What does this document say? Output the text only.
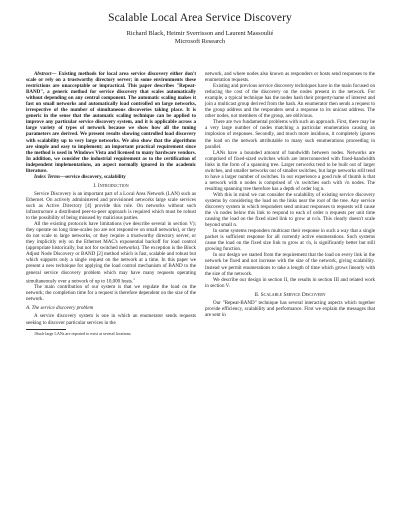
Scalable Local Area Service Discovery
Richard Black, Heimir Sverrisson and Laurent Massoulié
Microsoft Research

Abstract— Existing methods for local area service discovery either don't scale or rely on a trustworthy directory server; in some environments these restrictions are unacceptable or impractical. This paper describes "Repeat-BAND", a generic method for service discovery that scales automatically without depending on any central component. The automatic scaling makes it fast on small networks and automatically load controlled on large networks, irrespective of the number of simultaneous discoveries taking place. It is generic in the sense that the automatic scaling technique can be applied to improve any particular service discovery system, and it is applicable across a large variety of types of network because we show how all the tuning parameters are derived. We present results showing controlled load discovery with scalability up to very large networks. We also show that the algorithms are simple and easy to implement; an important practical requirement since the method is used in Windows Vista and licensed to many hardware vendors. In addition, we consider the industrial requirement as to the certification of independent implementations, an aspect normally ignored in the academic literature.

Index Terms—service discovery, scalability

I. Introduction

Service Discovery is an important part of a Local Area Network (LAN) such as Ethernet. On actively administered and provisioned networks large scale services such as Active Directory [4] provide this role. On networks without such infrastructure a distributed peer-to-peer approach is required which must be robust to the possibility of being misused by malicious parties.

All the existing protocols have limitations (we describe several in section V); they operate on long time-scales (so are not responsive on small networks), or they do not scale to large networks, or they require a trustworthy directory server, or they implicitly rely on the Ethernet MAC's exponential backoff for load control (appropriate historically, but not for switched networks). The exception is the Block Adjust Node Discovery or BAND [2] method which is fast, scalable and robust but which supports only a single request on the network at a time. In this paper we present a new technique for applying the load control mechanism of BAND to the general service discovery problem which may have many requests operating simultaneously over a network of up to 10,000 hosts.$^1$

The main contribution of our system is that we regulate the load on the network; the completion time for a request is therefore dependent on the size of the network.

A. The service discovery problem

A service discovery system is one in which an enumerator sends requests seeking to discover particular services in the

1Such large LANs are reported to exist at several locations.

network, and where nodes also known as responders or hosts send responses to the enumeration requests.

Existing and previous service discovery techniques have in the main focused on reducing the cost of the discovery on the nodes present in the network. For example, a typical technique has the nodes hash their property/name of interest and join a multicast group derived from the hash. An enumerator then sends a request to the group address and the responders send a response to its unicast address. The other nodes, not members of the group, are oblivious.

There are two fundamental problems with such an approach. First, there may be a very large number of nodes matching a particular enumeration causing an implosion of responses. Secondly, and much more insidious, it completely ignores the load on the network attributable to many such enumerations proceeding in parallel.

LANs have a bounded amount of bandwidth between nodes. Networks are comprised of fixed-sized switches which are interconnected with fixed-bandwidth links in the form of a spanning tree. Larger networks tend to be built out of larger switches, and smaller networks out of smaller switches, but large networks still tend to have a larger number of switches. In our experience a good rule of thumb is that a network with n nodes is comprised of √n switches each with √n nodes. The resulting spanning tree therefore has a depth of order log n.

With this in mind we can consider the scalability of existing service discovery systems by considering the load on the links near the root of the tree. Any service discovery system in which responders send unicast responses to requests will cause the √n nodes below this link to respond to each of order n requests per unit time causing the load on the fixed sized link to grow at n√n. This clearly doesn't scale beyond small n.

In some systems responders multicast their response in such a way that a single packet is sufficient response for all currently active enumerations. Such systems cause the load on the fixed size link to grow at √n, is significantly better but still growing function.

In our design we started from the requirement that the load on every link in the network be fixed and not increase with the size of the network, giving scalability. Instead we permit enumerations to take a length of time which grows linearly with the size of the network.

We describe our design in section II, the results in section III and related work in section V.

II. Scalable Service Discovery

Our "Repeat-BAND" technique has several interacting aspects which together provide efficiency, scalability and performance. First we explain the messages that are sent in
